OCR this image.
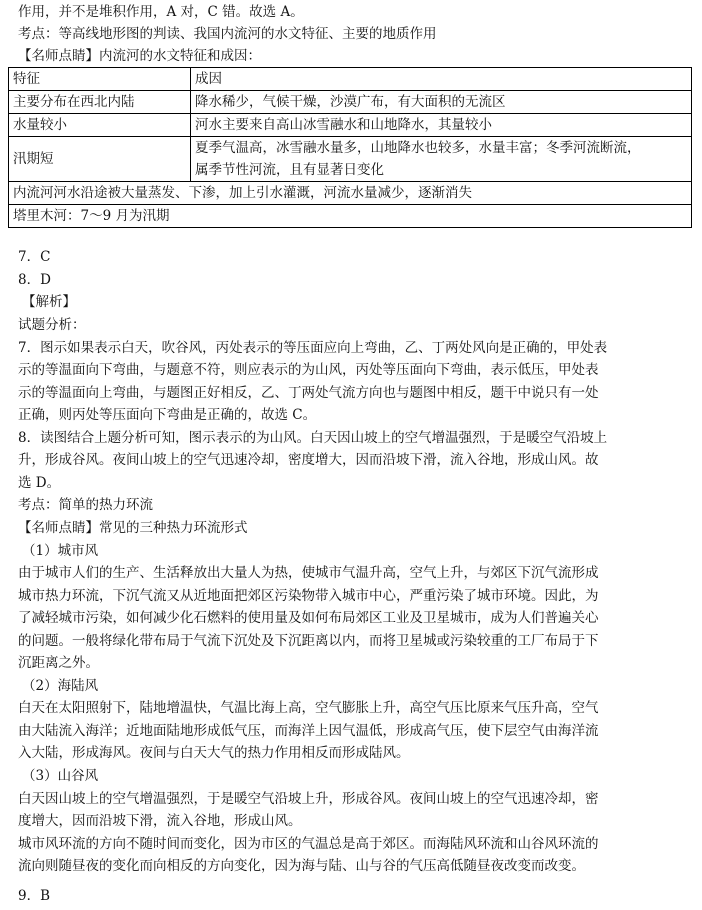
作用，并不是堆积作用，A 对，C 错。故选 A。
考点：等高线地形图的判读、我国内流河的水文特征、主要的地质作用
【名师点睛】内流河的水文特征和成因：
特征	成因
主要分布在西北内陆	降水稀少，气候干燥，沙漠广布，有大面积的无流区
水量较小	河水主要来自高山冰雪融水和山地降水，其量较小
汛期短	夏季气温高，冰雪融水量多，山地降水也较多，水量丰富；冬季河流断流，
属季节性河流，且有显著日变化

内流河河水沿途被大量蒸发、下渗，加上引水灌溉，河流水量减少，逐渐消失	
塔里木河：7～9 月为汛期	
7．C
8．D
【解析】
试题分析：
7．图示如果表示白天，吹谷风，丙处表示的等压面应向上弯曲，乙、丁两处风向是正确的，甲处表
示的等温面向下弯曲，与题意不符，则应表示的为山风，丙处等压面向下弯曲，表示低压，甲处表
示的等温面向上弯曲，与题图正好相反，乙、丁两处气流方向也与题图中相反，题干中说只有一处
正确，则丙处等压面向下弯曲是正确的，故选 C。
8．读图结合上题分析可知，图示表示的为山风。白天因山坡上的空气增温强烈，于是暖空气沿坡上
升，形成谷风。夜间山坡上的空气迅速冷却，密度增大，因而沿坡下滑，流入谷地，形成山风。故
选 D。
考点：简单的热力环流
【名师点睛】常见的三种热力环流形式
（1）城市风
由于城市人们的生产、生活释放出大量人为热，使城市气温升高，空气上升，与郊区下沉气流形成
城市热力环流，下沉气流又从近地面把郊区污染物带入城市中心，严重污染了城市环境。因此，为
了减轻城市污染，如何减少化石燃料的使用量及如何布局郊区工业及卫星城市，成为人们普遍关心
的问题。一般将绿化带布局于气流下沉处及下沉距离以内，而将卫星城或污染较重的工厂布局于下
沉距离之外。
（2）海陆风
白天在太阳照射下，陆地增温快，气温比海上高，空气膨胀上升，高空气压比原来气压升高，空气
由大陆流入海洋；近地面陆地形成低气压，而海洋上因气温低，形成高气压，使下层空气由海洋流
入大陆，形成海风。夜间与白天大气的热力作用相反而形成陆风。
（3）山谷风
白天因山坡上的空气增温强烈，于是暖空气沿坡上升，形成谷风。夜间山坡上的空气迅速冷却，密
度增大，因而沿坡下滑，流入谷地，形成山风。
城市风环流的方向不随时间而变化，因为市区的气温总是高于郊区。而海陆风环流和山谷风环流的
流向则随昼夜的变化而向相反的方向变化，因为海与陆、山与谷的气压高低随昼夜改变而改变。
9．B
